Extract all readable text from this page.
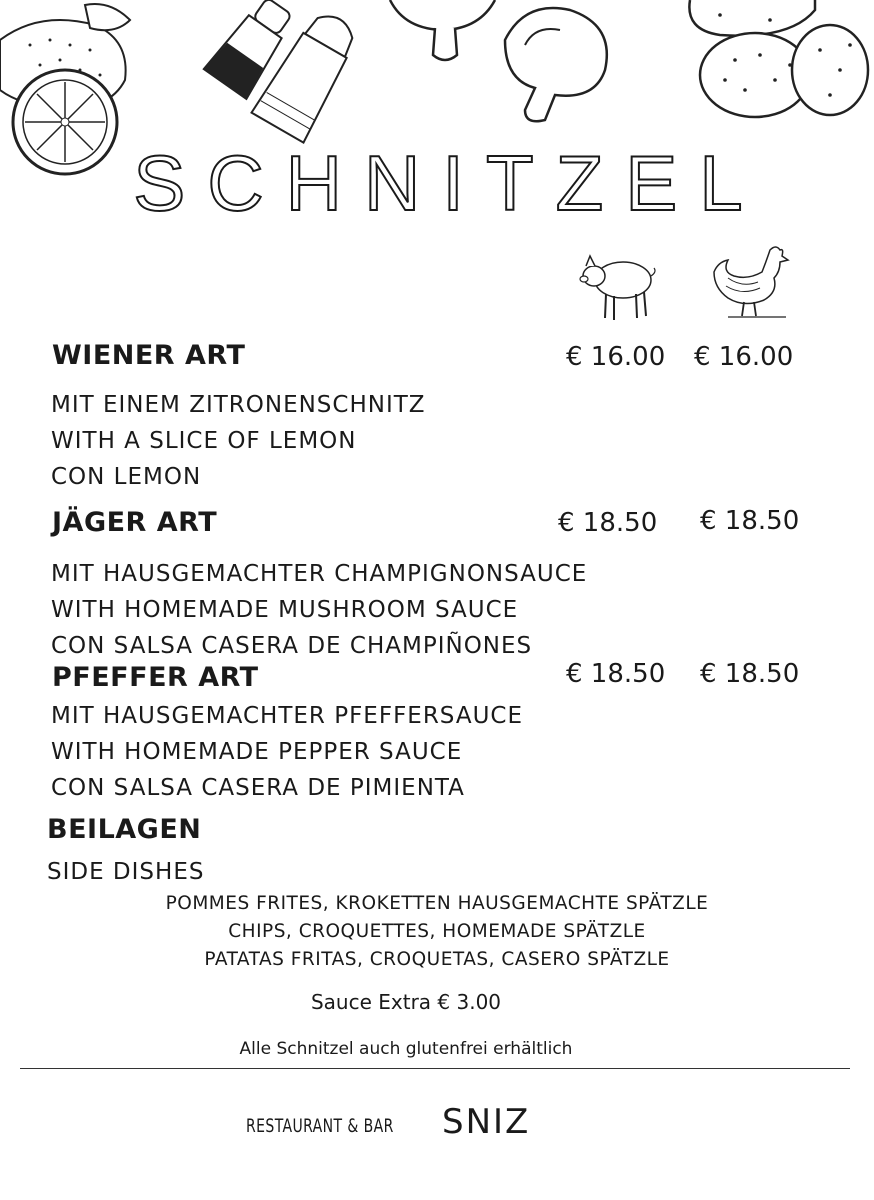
SCHNITZEL
WIENER ART	€ 16.00 € 16.00
MIT EINEM ZITRONENSCHNITZ
WITH A SLICE OF LEMON
CON LEMON
JÄGER ART	€ 18.50 € 18.50
MIT HAUSGEMACHTER CHAMPIGNONSAUCE
WITH HOMEMADE MUSHROOM SAUCE
CON SALSA CASERA DE CHAMPIÑONES
PFEFFER ART	€ 18.50 € 18.50
MIT HAUSGEMACHTER PFEFFERSAUCE
WITH HOMEMADE PEPPER SAUCE
CON SALSA CASERA DE PIMIENTA
BEILAGEN
SIDE DISHES
POMMES FRITES, KROKETTEN HAUSGEMACHTE SPÄTZLE
CHIPS, CROQUETTES, HOMEMADE SPÄTZLE
PATATAS FRITAS, CROQUETAS, CASERO SPÄTZLE
Sauce Extra € 3.00
Alle Schnitzel auch glutenfrei erhältlich
RESTAURANT & BAR SNIZ
